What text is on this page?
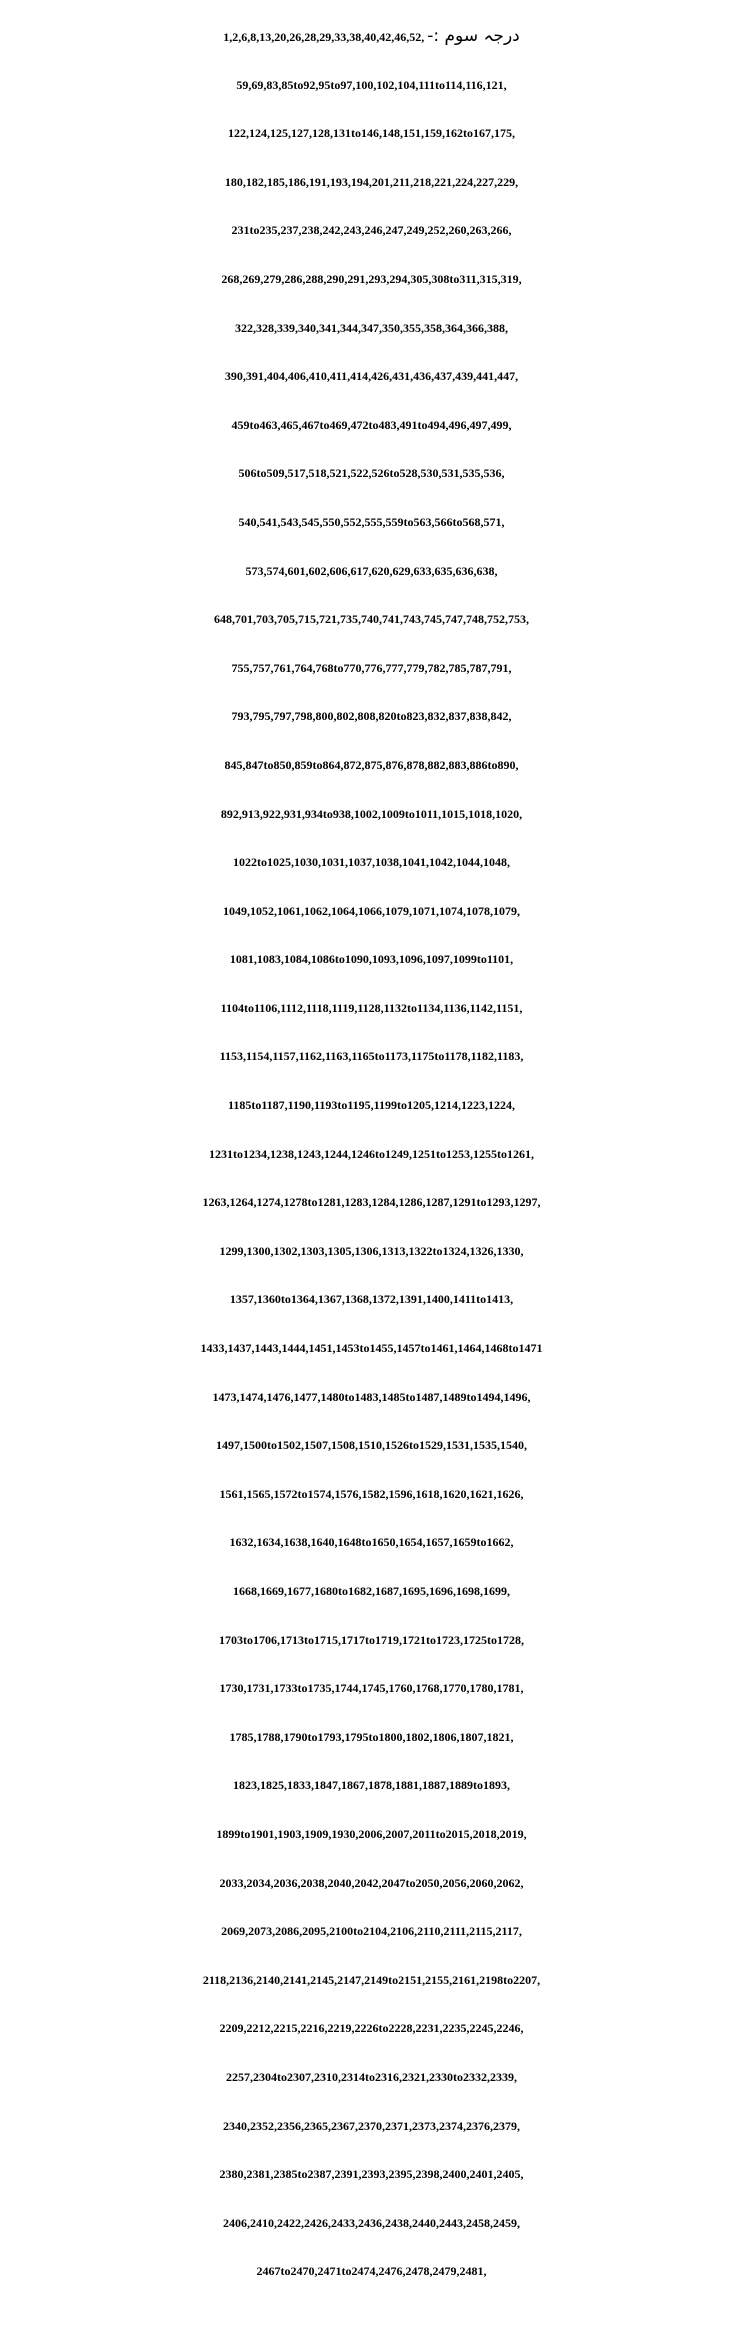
1,2,6,8,13,20,26,28,29,33,38,40,42,46,52, درجہ سوم :-
59,69,83,85to92,95to97,100,102,104,111to114,116,121,
122,124,125,127,128,131to146,148,151,159,162to167,175,
180,182,185,186,191,193,194,201,211,218,221,224,227,229,
231to235,237,238,242,243,246,247,249,252,260,263,266,
268,269,279,286,288,290,291,293,294,305,308to311,315,319,
322,328,339,340,341,344,347,350,355,358,364,366,388,
390,391,404,406,410,411,414,426,431,436,437,439,441,447,
459to463,465,467to469,472to483,491to494,496,497,499,
506to509,517,518,521,522,526to528,530,531,535,536,
540,541,543,545,550,552,555,559to563,566to568,571,
573,574,601,602,606,617,620,629,633,635,636,638,
648,701,703,705,715,721,735,740,741,743,745,747,748,752,753,
755,757,761,764,768to770,776,777,779,782,785,787,791,
793,795,797,798,800,802,808,820to823,832,837,838,842,
845,847to850,859to864,872,875,876,878,882,883,886to890,
892,913,922,931,934to938,1002,1009to1011,1015,1018,1020,
1022to1025,1030,1031,1037,1038,1041,1042,1044,1048,
1049,1052,1061,1062,1064,1066,1079,1071,1074,1078,1079,
1081,1083,1084,1086to1090,1093,1096,1097,1099to1101,
1104to1106,1112,1118,1119,1128,1132to1134,1136,1142,1151,
1153,1154,1157,1162,1163,1165to1173,1175to1178,1182,1183,
1185to1187,1190,1193to1195,1199to1205,1214,1223,1224,
1231to1234,1238,1243,1244,1246to1249,1251to1253,1255to1261,
1263,1264,1274,1278to1281,1283,1284,1286,1287,1291to1293,1297,
1299,1300,1302,1303,1305,1306,1313,1322to1324,1326,1330,
1357,1360to1364,1367,1368,1372,1391,1400,1411to1413,
1433,1437,1443,1444,1451,1453to1455,1457to1461,1464,1468to1471
1473,1474,1476,1477,1480to1483,1485to1487,1489to1494,1496,
1497,1500to1502,1507,1508,1510,1526to1529,1531,1535,1540,
1561,1565,1572to1574,1576,1582,1596,1618,1620,1621,1626,
1632,1634,1638,1640,1648to1650,1654,1657,1659to1662,
1668,1669,1677,1680to1682,1687,1695,1696,1698,1699,
1703to1706,1713to1715,1717to1719,1721to1723,1725to1728,
1730,1731,1733to1735,1744,1745,1760,1768,1770,1780,1781,
1785,1788,1790to1793,1795to1800,1802,1806,1807,1821,
1823,1825,1833,1847,1867,1878,1881,1887,1889to1893,
1899to1901,1903,1909,1930,2006,2007,2011to2015,2018,2019,
2033,2034,2036,2038,2040,2042,2047to2050,2056,2060,2062,
2069,2073,2086,2095,2100to2104,2106,2110,2111,2115,2117,
2118,2136,2140,2141,2145,2147,2149to2151,2155,2161,2198to2207,
2209,2212,2215,2216,2219,2226to2228,2231,2235,2245,2246,
2257,2304to2307,2310,2314to2316,2321,2330to2332,2339,
2340,2352,2356,2365,2367,2370,2371,2373,2374,2376,2379,
2380,2381,2385to2387,2391,2393,2395,2398,2400,2401,2405,
2406,2410,2422,2426,2433,2436,2438,2440,2443,2458,2459,
2467to2470,2471to2474,2476,2478,2479,2481,
